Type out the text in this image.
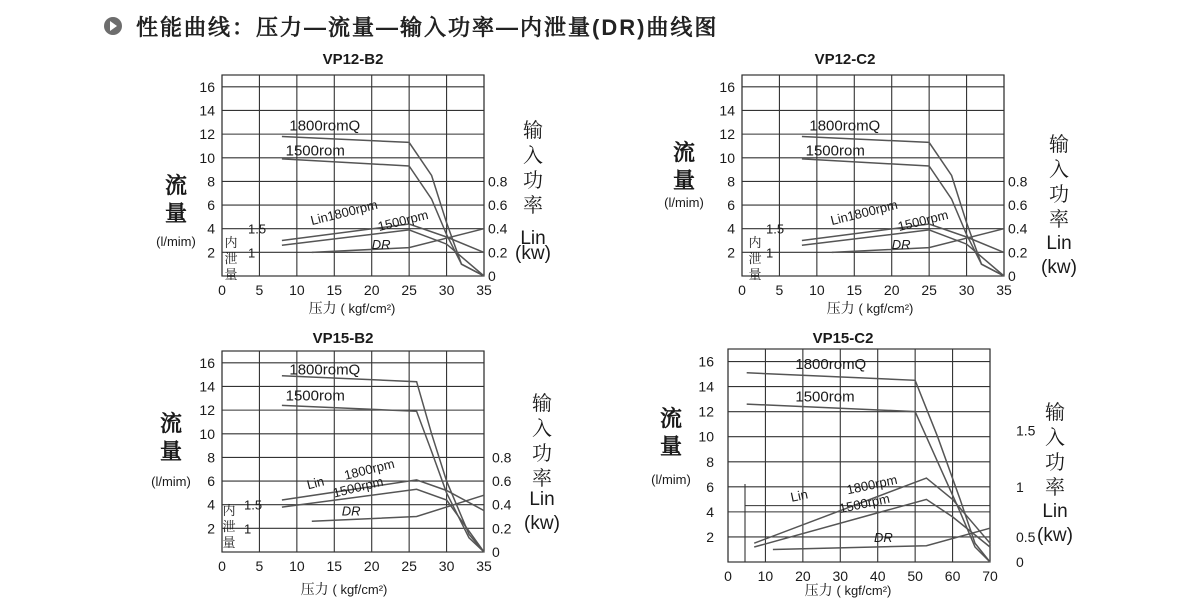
性能曲线：压力—流量—输入功率—内泄量(DR)曲线图
VP12-B2
0 5 10 15 20 25 30 35
2
4
6
8
10
12
14
16
0.8
0.6
0.4
0.2
0
1.5
1
内
泄
量
流
量
(l/mim)
输
入
功
率
Lin
(kw)
压力 ( kgf/cm²)
1800romQ
1500rom
Lin1800rpm
1500rpm
DR
VP12-C2
0 5 10 15 20 25 30 35
2
4
6
8
10
12
14
16
0.8
0.6
0.4
0.2
0
1.5
1
内
泄
量
流
量
(l/mim)
输
入
功
率
Lin
(kw)
压力 ( kgf/cm²)
1800romQ
1500rom
Lin1800rpm
1500rpm
DR
VP15-B2
0 5 10 15 20 25 30 35
2
4
6
8
10
12
14
16
0.8
0.6
0.4
0.2
0
1.5
1
内
泄
量
流
量
(l/mim)
输
入
功
率
Lin
(kw)
压力 ( kgf/cm²)
1800romQ
1500rom
Lin
1800rpm
1500rpm
DR
VP15-C2
0 10 20 30 40 50 60 70
2
4
6
8
10
12
14
16
1.5
1
0.5
0
流
量
(l/mim)
输
入
功
率
Lin
(kw)
压力 ( kgf/cm²)
1800romQ
1500rom
Lin	1800rpm
1500rpm
DR
